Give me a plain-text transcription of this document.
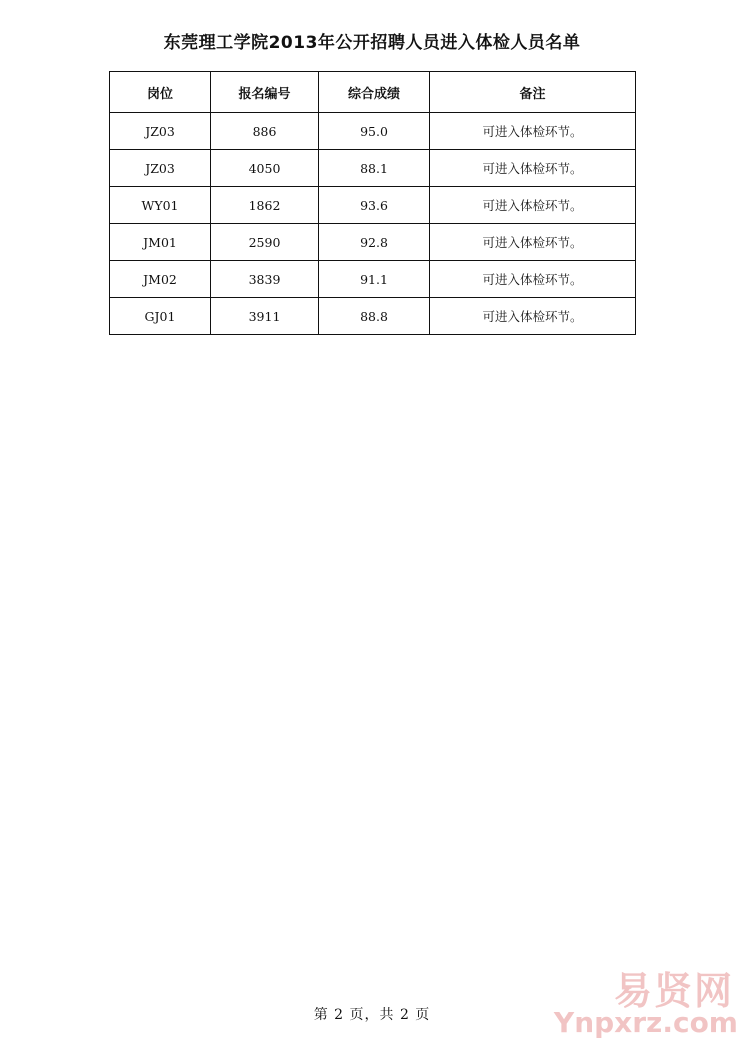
东莞理工学院2013年公开招聘人员进入体检人员名单
岗位	报名编号	综合成绩	备注
JZ03	886	95.0	可进入体检环节。
JZ03	4050	88.1	可进入体检环节。
WY01	1862	93.6	可进入体检环节。
JM01	2590	92.8	可进入体检环节。
JM02	3839	91.1	可进入体检环节。
GJ01	3911	88.8	可进入体检环节。
第 2 页，共 2 页
易贤网
Ynpxrz.com
